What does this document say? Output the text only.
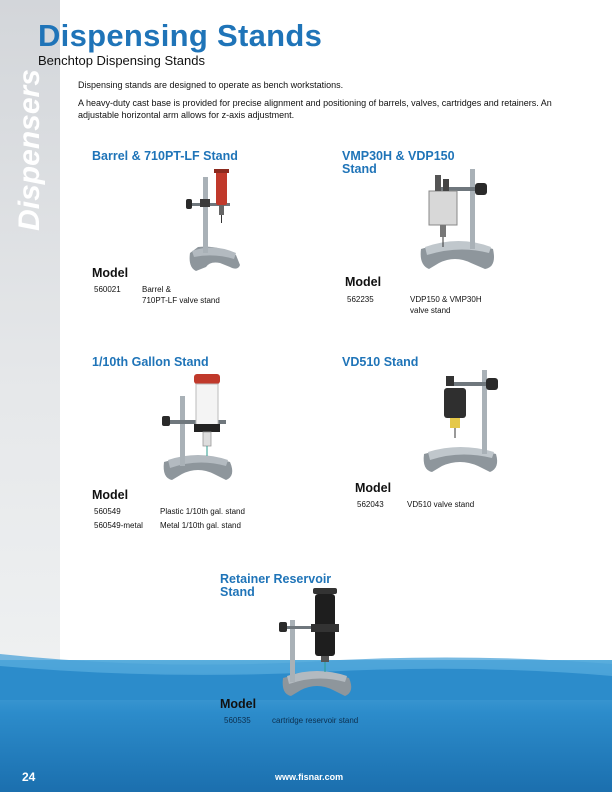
Dispensers
Dispensing Stands
Benchtop Dispensing Stands

Dispensing stands are designed to operate as bench workstations.

A heavy-duty cast base is provided for precise alignment and positioning of barrels, valves, cartridges and retainers. An adjustable horizontal arm allows for z-axis adjustment.

Barrel & 710PT-LF Stand
Model
560021	Barrel &
710PT-LF valve stand
VMP30H & VDP150
Stand
Model
562235	VDP150 & VMP30H
valve stand
1/10th Gallon Stand
Model
560549	Plastic 1/10th gal. stand
560549-metal Metal 1/10th gal. stand
VD510 Stand
Model
562043	VD510 valve stand
Retainer Reservoir
Stand
Model
560535	cartridge reservoir stand
24	www.fisnar.com
